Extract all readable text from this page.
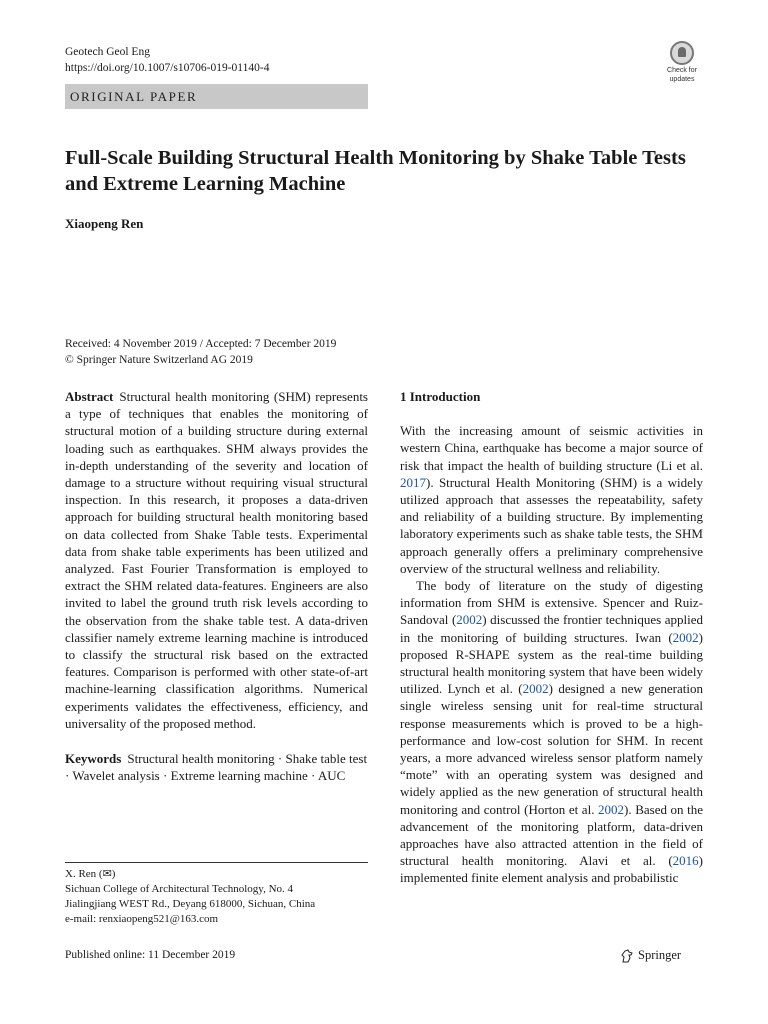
Geotech Geol Eng
https://doi.org/10.1007/s10706-019-01140-4	Check for
updates
ORIGINAL PAPER
Full-Scale Building Structural Health Monitoring by Shake Table Tests and Extreme Learning Machine
Xiaopeng Ren
Received: 4 November 2019 / Accepted: 7 December 2019
© Springer Nature Switzerland AG 2019

Abstract Structural health monitoring (SHM) represents a type of techniques that enables the monitoring of structural motion of a building structure during external loading such as earthquakes. SHM always provides the in-depth understanding of the severity and location of damage to a structure without requiring visual structural inspection. In this research, it proposes a data-driven approach for building structural health monitoring based on data collected from Shake Table tests. Experimental data from shake table experiments has been utilized and analyzed. Fast Fourier Transformation is employed to extract the SHM related data-features. Engineers are also invited to label the ground truth risk levels according to the observation from the shake table test. A data-driven classifier namely extreme learning machine is introduced to classify the structural risk based on the extracted features. Comparison is performed with other state-of-art machine-learning classification algorithms. Numerical experiments validates the effectiveness, efficiency, and universality of the proposed method.

Keywords Structural health monitoring · Shake table test · Wavelet analysis · Extreme learning machine · AUC

X. Ren (✉)
Sichuan College of Architectural Technology, No. 4
Jialingjiang WEST Rd., Deyang 618000, Sichuan, China
e-mail: renxiaopeng521@163.com

1 Introduction

With the increasing amount of seismic activities in western China, earthquake has become a major source of risk that impact the health of building structure (Li et al. 2017). Structural Health Monitoring (SHM) is a widely utilized approach that assesses the repeatability, safety and reliability of a building structure. By implementing laboratory experiments such as shake table tests, the SHM approach generally offers a preliminary comprehensive overview of the structural wellness and reliability.

The body of literature on the study of digesting information from SHM is extensive. Spencer and Ruiz-Sandoval (2002) discussed the frontier techniques applied in the monitoring of building structures. Iwan (2002) proposed R-SHAPE system as the real-time building structural health monitoring system that have been widely utilized. Lynch et al. (2002) designed a new generation single wireless sensing unit for real-time structural response measurements which is proved to be a high-performance and low-cost solution for SHM. In recent years, a more advanced wireless sensor platform namely “mote” with an operating system was designed and widely applied as the new generation of structural health monitoring and control (Horton et al. 2002). Based on the advancement of the monitoring platform, data-driven approaches have also attracted attention in the field of structural health monitoring. Alavi et al. (2016) implemented finite element analysis and probabilistic

Published online: 11 December 2019	Springer
